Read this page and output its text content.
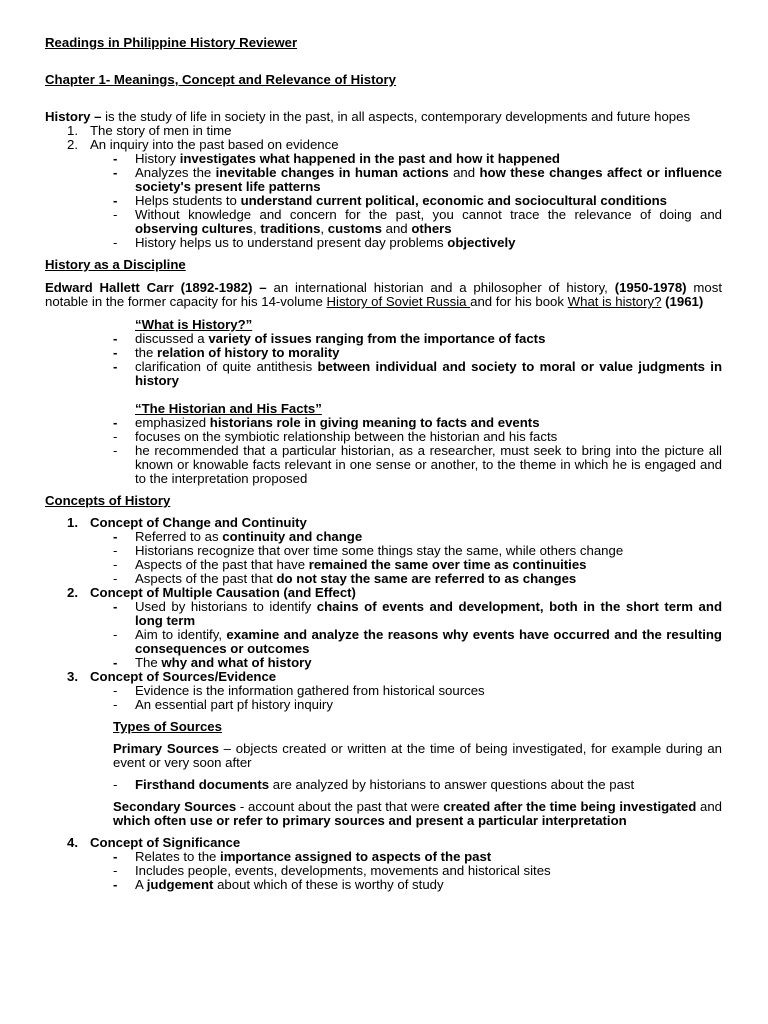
Readings in Philippine History Reviewer

Chapter 1- Meanings, Concept and Relevance of History

History – is the study of life in society in the past, in all aspects, contemporary developments and future hopes

1. The story of men in time
2. An inquiry into the past based on evidence
-	History investigates what happened in the past and how it happened
-	Analyzes the inevitable changes in human actions and how these changes affect or influence society's present life patterns
-	Helps students to understand current political, economic and sociocultural conditions
-	Without knowledge and concern for the past, you cannot trace the relevance of doing and observing cultures, traditions, customs and others
-	History helps us to understand present day problems objectively

History as a Discipline

Edward Hallett Carr (1892-1982) – an international historian and a philosopher of history, (1950-1978) most notable in the former capacity for his 14-volume History of Soviet Russia and for his book What is history? (1961)

“What is History?”

-	discussed a variety of issues ranging from the importance of facts
-	the relation of history to morality
-	clarification of quite antithesis between individual and society to moral or value judgments in history

“The Historian and His Facts”

-	emphasized historians role in giving meaning to facts and events
-	focuses on the symbiotic relationship between the historian and his facts
-	he recommended that a particular historian, as a researcher, must seek to bring into the picture all known or knowable facts relevant in one sense or another, to the theme in which he is engaged and to the interpretation proposed

Concepts of History

1. Concept of Change and Continuity
-	Referred to as continuity and change
-	Historians recognize that over time some things stay the same, while others change
-	Aspects of the past that have remained the same over time as continuities
-	Aspects of the past that do not stay the same are referred to as changes
2. Concept of Multiple Causation (and Effect)
-	Used by historians to identify chains of events and development, both in the short term and long term
-	Aim to identify, examine and analyze the reasons why events have occurred and the resulting consequences or outcomes
-	The why and what of history
3. Concept of Sources/Evidence
-	Evidence is the information gathered from historical sources
-	An essential part pf history inquiry

Types of Sources

Primary Sources – objects created or written at the time of being investigated, for example during an event or very soon after

- Firsthand documents are analyzed by historians to answer questions about the past

Secondary Sources - account about the past that were created after the time being investigated and which often use or refer to primary sources and present a particular interpretation

4. Concept of Significance
-	Relates to the importance assigned to aspects of the past
-	Includes people, events, developments, movements and historical sites
-	A judgement about which of these is worthy of study
